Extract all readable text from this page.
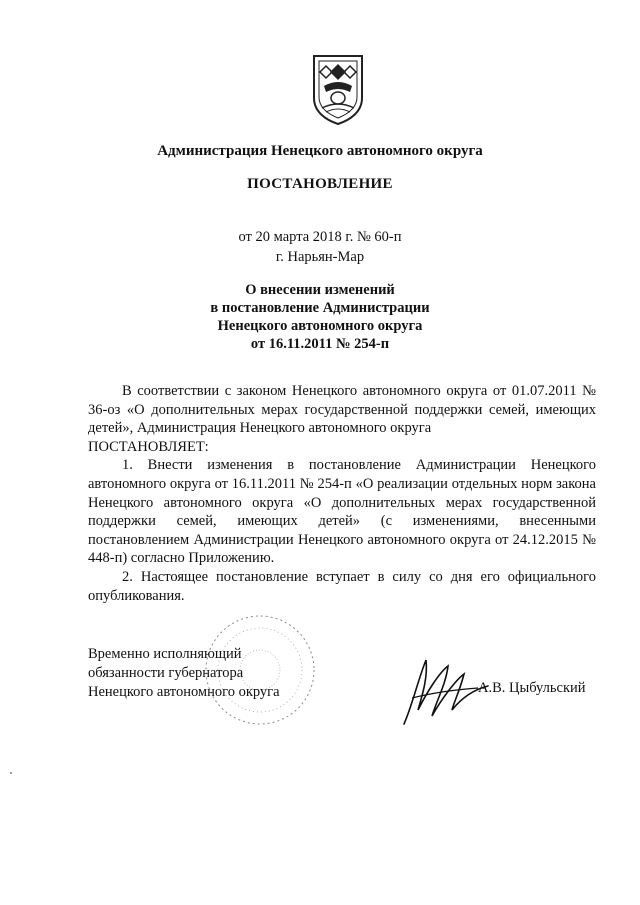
Администрация Ненецкого автономного округа
ПОСТАНОВЛЕНИЕ
от 20 марта 2018 г. № 60-п
г. Нарьян-Мар
О внесении изменений
в постановление Администрации
Ненецкого автономного округа
от 16.11.2011 № 254-п

В соответствии с законом Ненецкого автономного округа от 01.07.2011 № 36-оз «О дополнительных мерах государственной поддержки семей, имеющих детей», Администрация Ненецкого автономного округа

ПОСТАНОВЛЯЕТ:

1. Внести изменения в постановление Администрации Ненецкого автономного округа от 16.11.2011 № 254-п «О реализации отдельных норм закона Ненецкого автономного округа «О дополнительных мерах государственной поддержки семей, имеющих детей» (с изменениями, внесенными постановлением Администрации Ненецкого автономного округа от 24.12.2015 № 448-п) согласно Приложению.

2. Настоящее постановление вступает в силу со дня его официального опубликования.

Временно исполняющий
обязанности губернатора
Ненецкого автономного округа	А.В. Цыбульский
